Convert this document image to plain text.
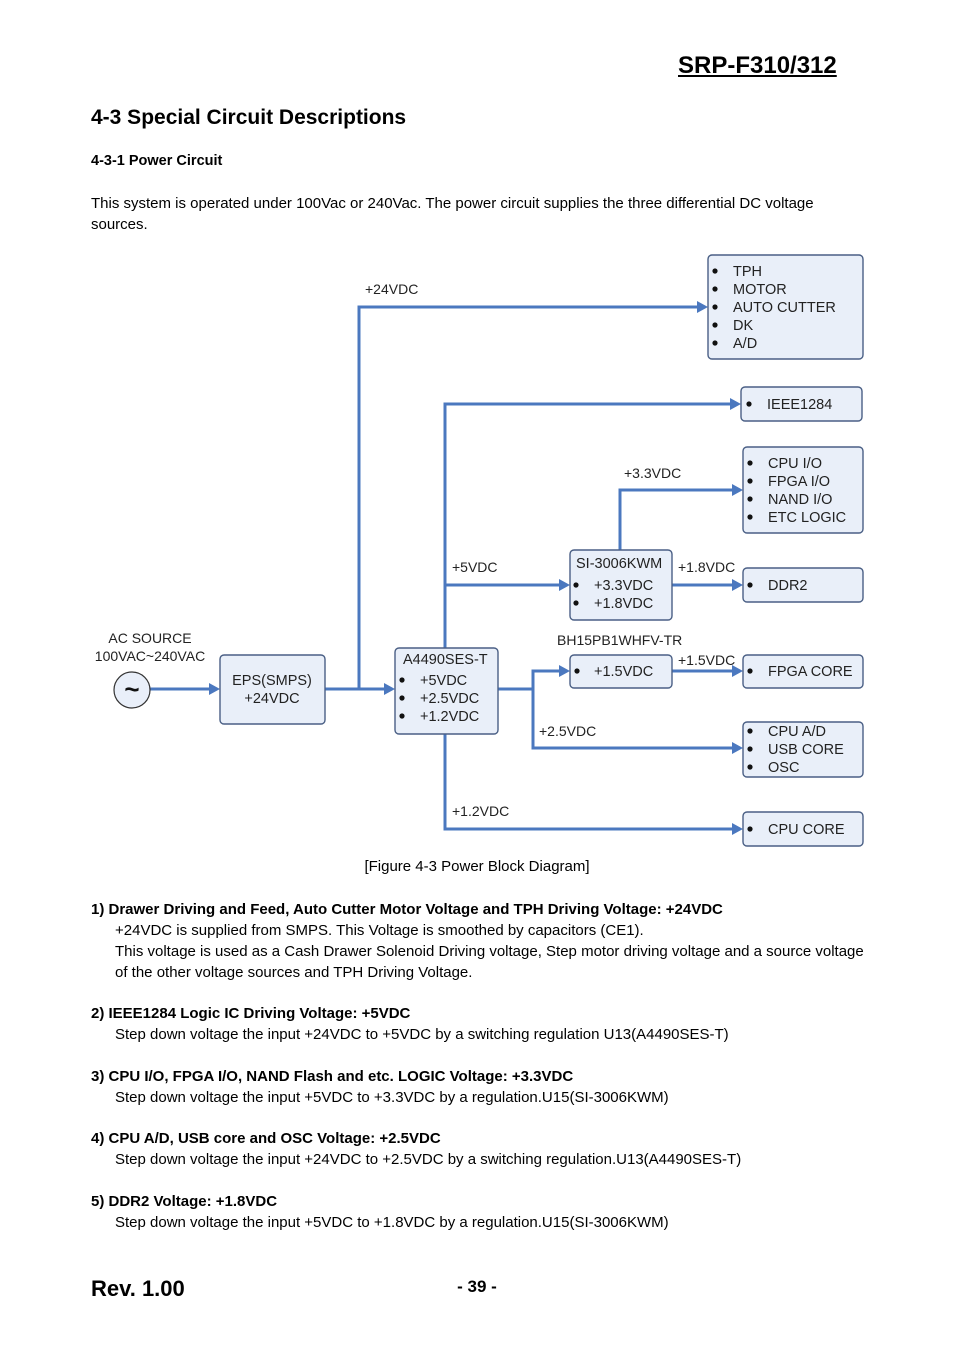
SRP-F310/312
4-3 Special Circuit Descriptions
4-3-1 Power Circuit
This system is operated under 100Vac or 240Vac. The power circuit supplies the three differential DC voltage sources.
AC SOURCE
100VAC~240VAC
~	EPS(SMPS)
+24VDC
A4490SES-T
+5VDC
+2.5VDC
+1.2VDC
SI-3006KWM
+3.3VDC
+1.8VDC
BH15PB1WHFV-TR
+1.5VDC
TPH
MOTOR
AUTO CUTTER
DK
A/D
IEEE1284
CPU I/O
FPGA I/O
NAND I/O
ETC LOGIC
DDR2
FPGA CORE
CPU A/D
USB CORE
OSC
CPU CORE
+24VDC
+3.3VDC
+5VDC	+1.8VDC
+1.5VDC
+2.5VDC
+1.2VDC
[Figure 4-3 Power Block Diagram]
1) Drawer Driving and Feed, Auto Cutter Motor Voltage and TPH Driving Voltage: +24VDC
+24VDC is supplied from SMPS. This Voltage is smoothed by capacitors (CE1).
This voltage is used as a Cash Drawer Solenoid Driving voltage, Step motor driving voltage and a source voltage of the other voltage sources and TPH Driving Voltage.
2) IEEE1284 Logic IC Driving Voltage: +5VDC
Step down voltage the input +24VDC to +5VDC by a switching regulation U13(A4490SES-T)
3) CPU I/O, FPGA I/O, NAND Flash and etc. LOGIC Voltage: +3.3VDC
Step down voltage the input +5VDC to +3.3VDC by a regulation.U15(SI-3006KWM)
4) CPU A/D, USB core and OSC Voltage: +2.5VDC
Step down voltage the input +24VDC to +2.5VDC by a switching regulation.U13(A4490SES-T)
5) DDR2 Voltage: +1.8VDC
Step down voltage the input +5VDC to +1.8VDC by a regulation.U15(SI-3006KWM)
Rev. 1.00	- 39 -
